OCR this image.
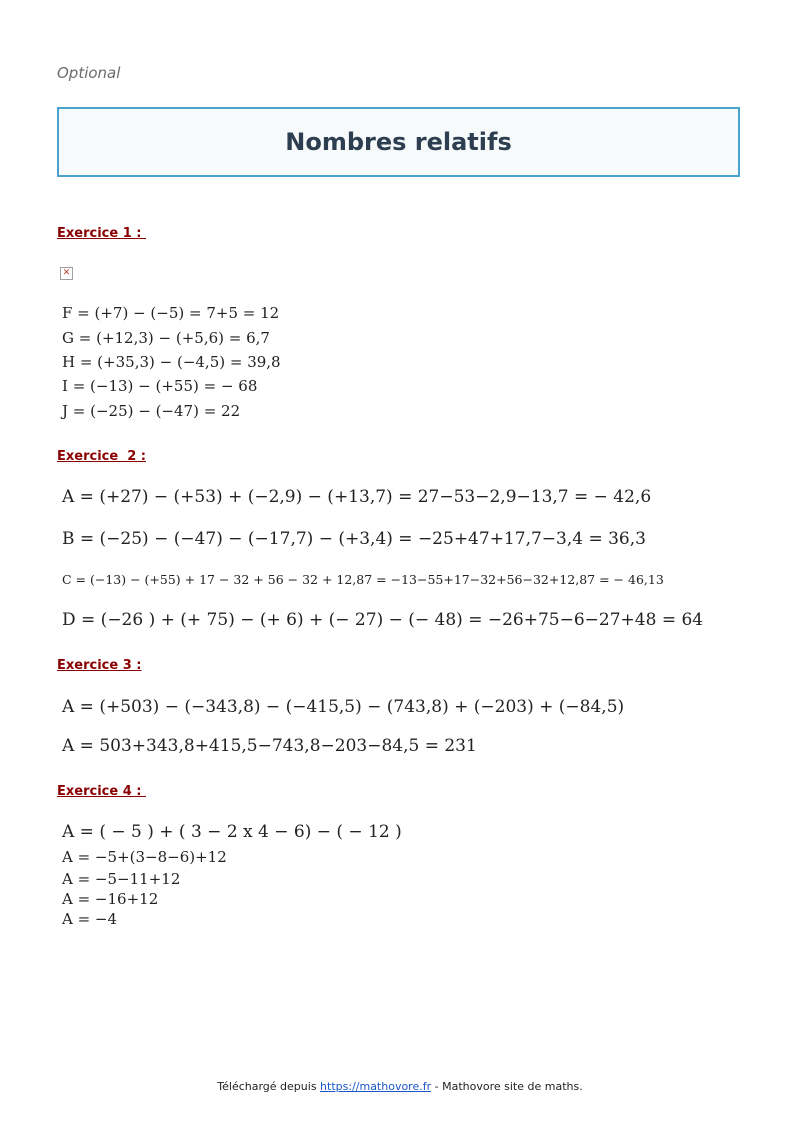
Optional
Nombres relatifs
Exercice 1 :
✕
F = (+7) − (−5) = 7+5 = 12
G = (+12,3) − (+5,6) = 6,7
H = (+35,3) − (−4,5) = 39,8
I = (−13) − (+55) = − 68
J = (−25) − (−47) = 22
Exercice  2 :
A = (+27) − (+53) + (−2,9) − (+13,7) = 27−53−2,9−13,7 = − 42,6
B = (−25) − (−47) − (−17,7) − (+3,4) = −25+47+17,7−3,4 = 36,3
C = (−13) − (+55) + 17 − 32 + 56 − 32 + 12,87 = −13−55+17−32+56−32+12,87 = − 46,13
D = (−26 ) + (+ 75) − (+ 6) + (− 27) − (− 48) = −26+75−6−27+48 = 64
Exercice 3 :
A = (+503) − (−343,8) − (−415,5) − (743,8) + (−203) + (−84,5)
A = 503+343,8+415,5−743,8−203−84,5 = 231
Exercice 4 :
A = ( − 5 ) + ( 3 − 2 x 4 − 6) − ( − 12 )
A = −5+(3−8−6)+12
A = −5−11+12
A = −16+12
A = −4
Téléchargé depuis https://mathovore.fr - Mathovore site de maths.
